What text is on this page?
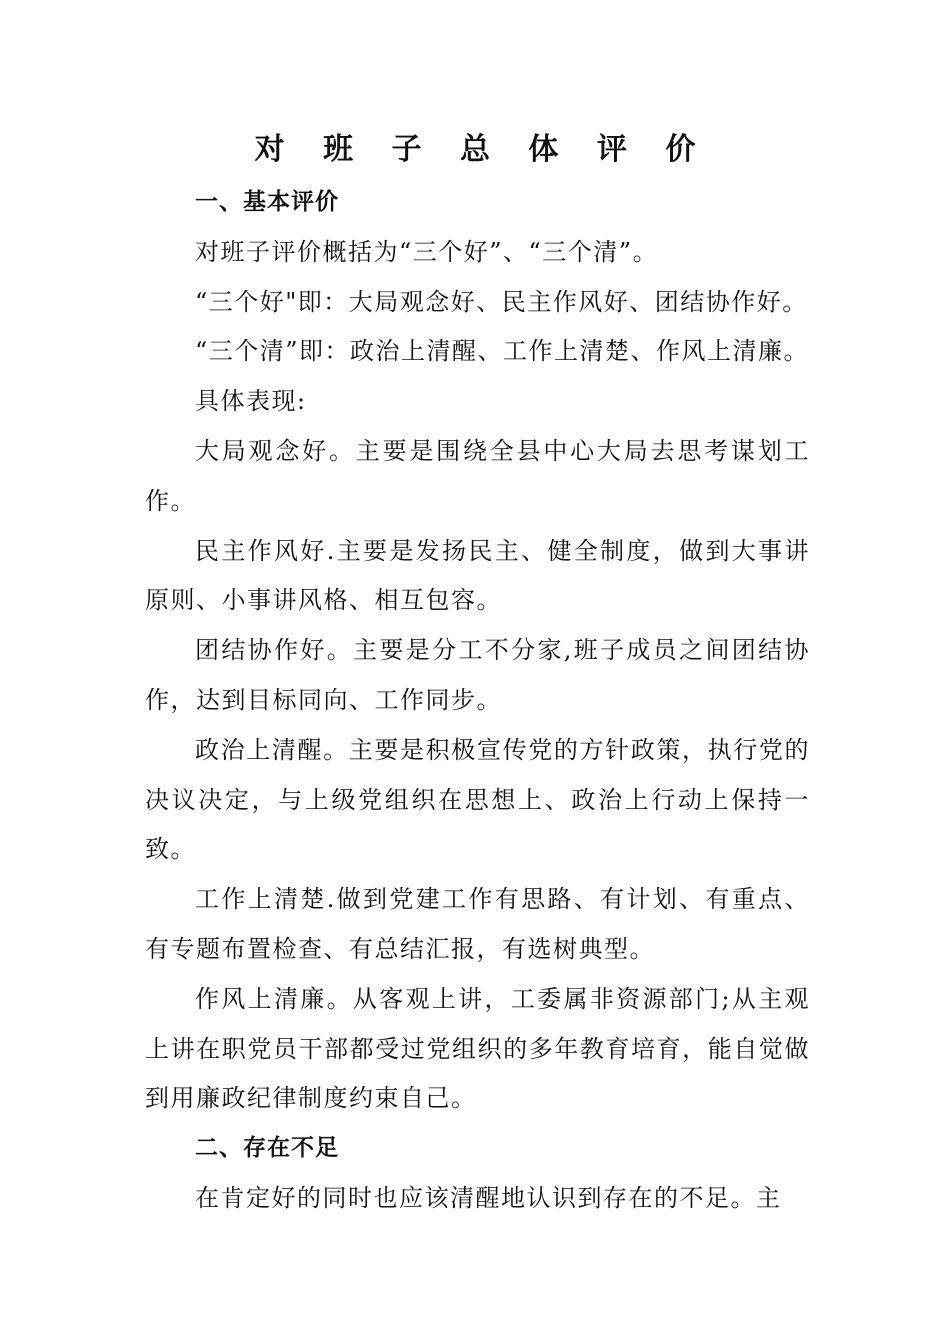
对 班 子 总 体 评 价

一、基本评价

对班子评价概括为“三个好”、“三个清”。

“三个好"即：大局观念好、民主作风好、团结协作好。

“三个清”即：政治上清醒、工作上清楚、作风上清廉。

具体表现:

大局观念好。主要是围绕全县中心大局去思考谋划工作。

民主作风好.主要是发扬民主、健全制度，做到大事讲原则、小事讲风格、相互包容。

团结协作好。主要是分工不分家,班子成员之间团结协作，达到目标同向、工作同步。

政治上清醒。主要是积极宣传党的方针政策，执行党的决议决定，与上级党组织在思想上、政治上行动上保持一致。

工作上清楚.做到党建工作有思路、有计划、有重点、有专题布置检查、有总结汇报，有选树典型。

作风上清廉。从客观上讲，工委属非资源部门;从主观上讲在职党员干部都受过党组织的多年教育培育，能自觉做到用廉政纪律制度约束自己。

二、存在不足

在肯定好的同时也应该清醒地认识到存在的不足。主
